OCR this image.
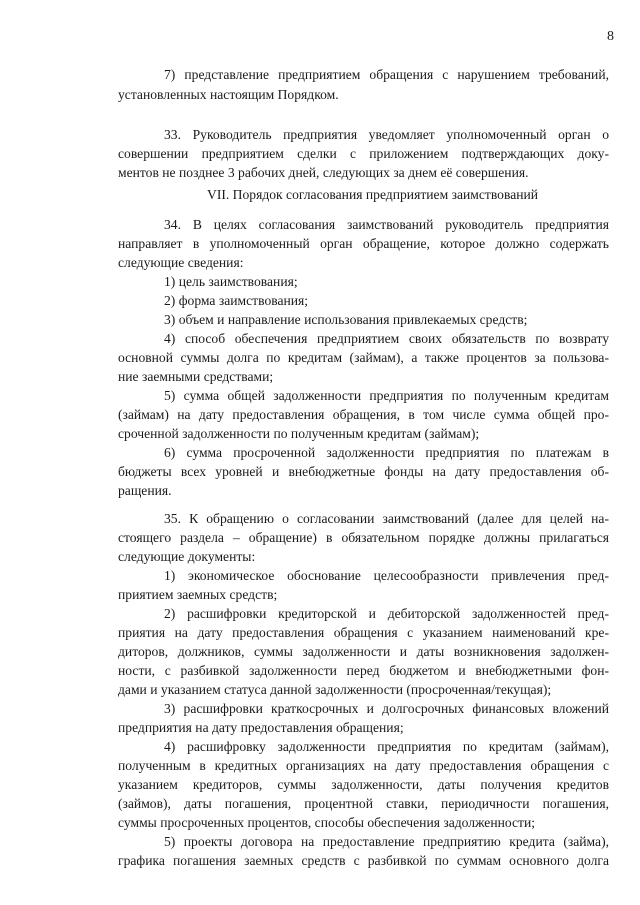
8
7) представление предприятием обращения с нарушением требований,
установленных настоящим Порядком.
33. Руководитель предприятия уведомляет уполномоченный орган о
совершении предприятием сделки с приложением подтверждающих доку-
ментов не позднее 3 рабочих дней, следующих за днем её совершения.
VII. Порядок согласования предприятием заимствований
34. В целях согласования заимствований руководитель предприятия
направляет в уполномоченный орган обращение, которое должно содержать
следующие сведения:
1) цель заимствования;
2) форма заимствования;
3) объем и направление использования привлекаемых средств;
4) способ обеспечения предприятием своих обязательств по возврату
основной суммы долга по кредитам (займам), а также процентов за пользова-
ние заемными средствами;
5) сумма общей задолженности предприятия по полученным кредитам
(займам) на дату предоставления обращения, в том числе сумма общей про-
сроченной задолженности по полученным кредитам (займам);
6) сумма просроченной задолженности предприятия по платежам в
бюджеты всех уровней и внебюджетные фонды на дату предоставления об-
ращения.
35. К обращению о согласовании заимствований (далее для целей на-
стоящего раздела – обращение) в обязательном порядке должны прилагаться
следующие документы:
1) экономическое обоснование целесообразности привлечения пред-
приятием заемных средств;
2) расшифровки кредиторской и дебиторской задолженностей пред-
приятия на дату предоставления обращения с указанием наименований кре-
диторов, должников, суммы задолженности и даты возникновения задолжен-
ности, с разбивкой задолженности перед бюджетом и внебюджетными фон-
дами и указанием статуса данной задолженности (просроченная/текущая);
3) расшифровки краткосрочных и долгосрочных финансовых вложений
предприятия на дату предоставления обращения;
4) расшифровку задолженности предприятия по кредитам (займам),
полученным в кредитных организациях на дату предоставления обращения с
указанием кредиторов, суммы задолженности, даты получения кредитов
(займов), даты погашения, процентной ставки, периодичности погашения,
суммы просроченных процентов, способы обеспечения задолженности;
5) проекты договора на предоставление предприятию кредита (займа),
графика погашения заемных средств с разбивкой по суммам основного долга
